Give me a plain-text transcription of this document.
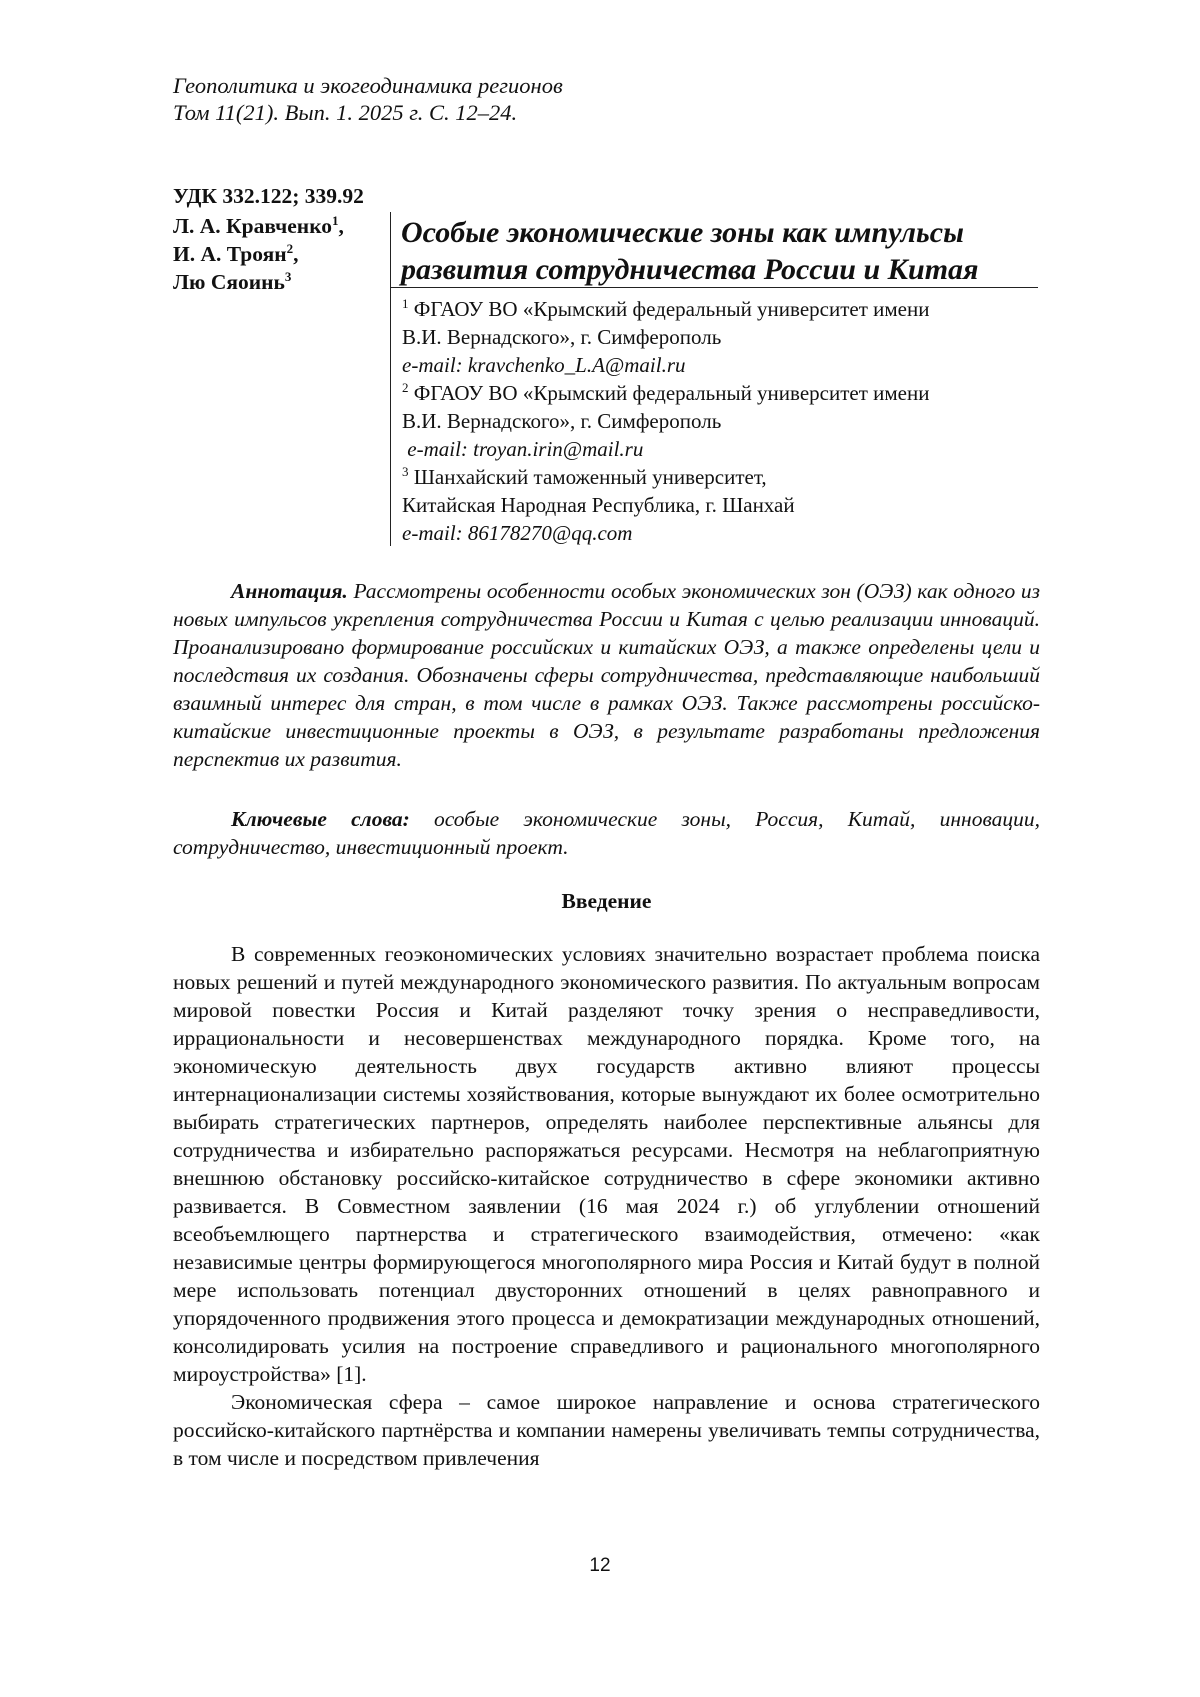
Геополитика и экогеодинамика регионов
Том 11(21). Вып. 1. 2025 г. С. 12–24.
УДК 332.122; 339.92
Л. А. Кравченко$^1$,
И. А. Троян$^2$,
Лю Сяоинь$^3$
Особые экономические зоны как импульсы
развития сотрудничества России и Китая
$^1$ ФГАОУ ВО «Крымский федеральный университет имени
В.И. Вернадского», г. Симферополь
e-mail: kravchenko_L.A@mail.ru
$^2$ ФГАОУ ВО «Крымский федеральный университет имени
В.И. Вернадского», г. Симферополь
e-mail: troyan.irin@mail.ru
$^3$ Шанхайский таможенный университет,
Китайская Народная Республика, г. Шанхай
e-mail: 86178270@qq.com

Аннотация. Рассмотрены особенности особых экономических зон (ОЭЗ) как одного из новых импульсов укрепления сотрудничества России и Китая с целью реализации инноваций. Проанализировано формирование российских и китайских ОЭЗ, а также определены цели и последствия их создания. Обозначены сферы сотрудничества, представляющие наибольший взаимный интерес для стран, в том числе в рамках ОЭЗ. Также рассмотрены российско-китайские инвестиционные проекты в ОЭЗ, в результате разработаны предложения перспектив их развития.

Ключевые слова: особые экономические зоны, Россия, Китай, инновации, сотрудничество, инвестиционный проект.

Введение

В современных геоэкономических условиях значительно возрастает проблема поиска новых решений и путей международного экономического развития. По актуальным вопросам мировой повестки Россия и Китай разделяют точку зрения о несправедливости, иррациональности и несовершенствах международного порядка. Кроме того, на экономическую деятельность двух государств активно влияют процессы интернационализации системы хозяйствования, которые вынуждают их более осмотрительно выбирать стратегических партнеров, определять наиболее перспективные альянсы для сотрудничества и избирательно распоряжаться ресурсами. Несмотря на неблагоприятную внешнюю обстановку российско-китайское сотрудничество в сфере экономики активно развивается. В Совместном заявлении (16 мая 2024 г.) об углублении отношений всеобъемлющего партнерства и стратегического взаимодействия, отмечено: «как независимые центры формирующегося многополярного мира Россия и Китай будут в полной мере использовать потенциал двусторонних отношений в целях равноправного и упорядоченного продвижения этого процесса и демократизации международных отношений, консолидировать усилия на построение справедливого и рационального многополярного мироустройства» [1].

Экономическая сфера – самое широкое направление и основа стратегического российско-китайского партнёрства и компании намерены увеличивать темпы сотрудничества, в том числе и посредством привлечения

12
